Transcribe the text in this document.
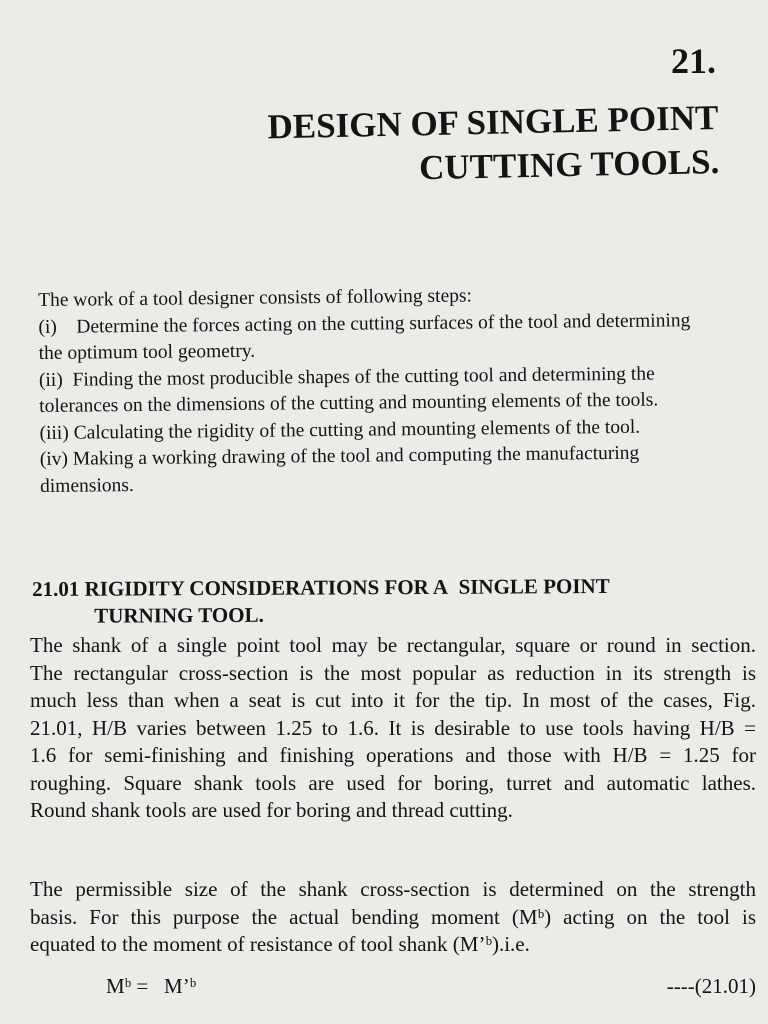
21.
DESIGN OF SINGLE POINT
CUTTING TOOLS.

The work of a tool designer consists of following steps:

(i)    Determine the forces acting on the cutting surfaces of the tool and determining the optimum tool geometry.

(ii)  Finding the most producible shapes of the cutting tool and determining the tolerances on the dimensions of the cutting and mounting elements of the tools.

(iii) Calculating the rigidity of the cutting and mounting elements of the tool.

(iv) Making a working drawing of the tool and computing the manufacturing dimensions.

21.01 RIGIDITY CONSIDERATIONS FOR A  SINGLE POINT
TURNING TOOL.
The shank of a single point tool may be rectangular, square or round in section.
The rectangular cross-section is the most popular as reduction in its strength is
much less than when a seat is cut into it for the tip. In most of the cases, Fig.
21.01, H/B varies between 1.25 to 1.6. It is desirable to use tools having H/B =
1.6 for semi-finishing and finishing operations and those with H/B = 1.25 for
roughing. Square shank tools are used for boring, turret and automatic lathes.
Round shank tools are used for boring and thread cutting.
The permissible size of the shank cross-section is determined on the strength
basis. For this purpose the actual bending moment (Mᵇ) acting on the tool is
equated to the moment of resistance of tool shank (M’ᵇ).i.e.
Mᵇ =   M’ᵇ	----(21.01)
